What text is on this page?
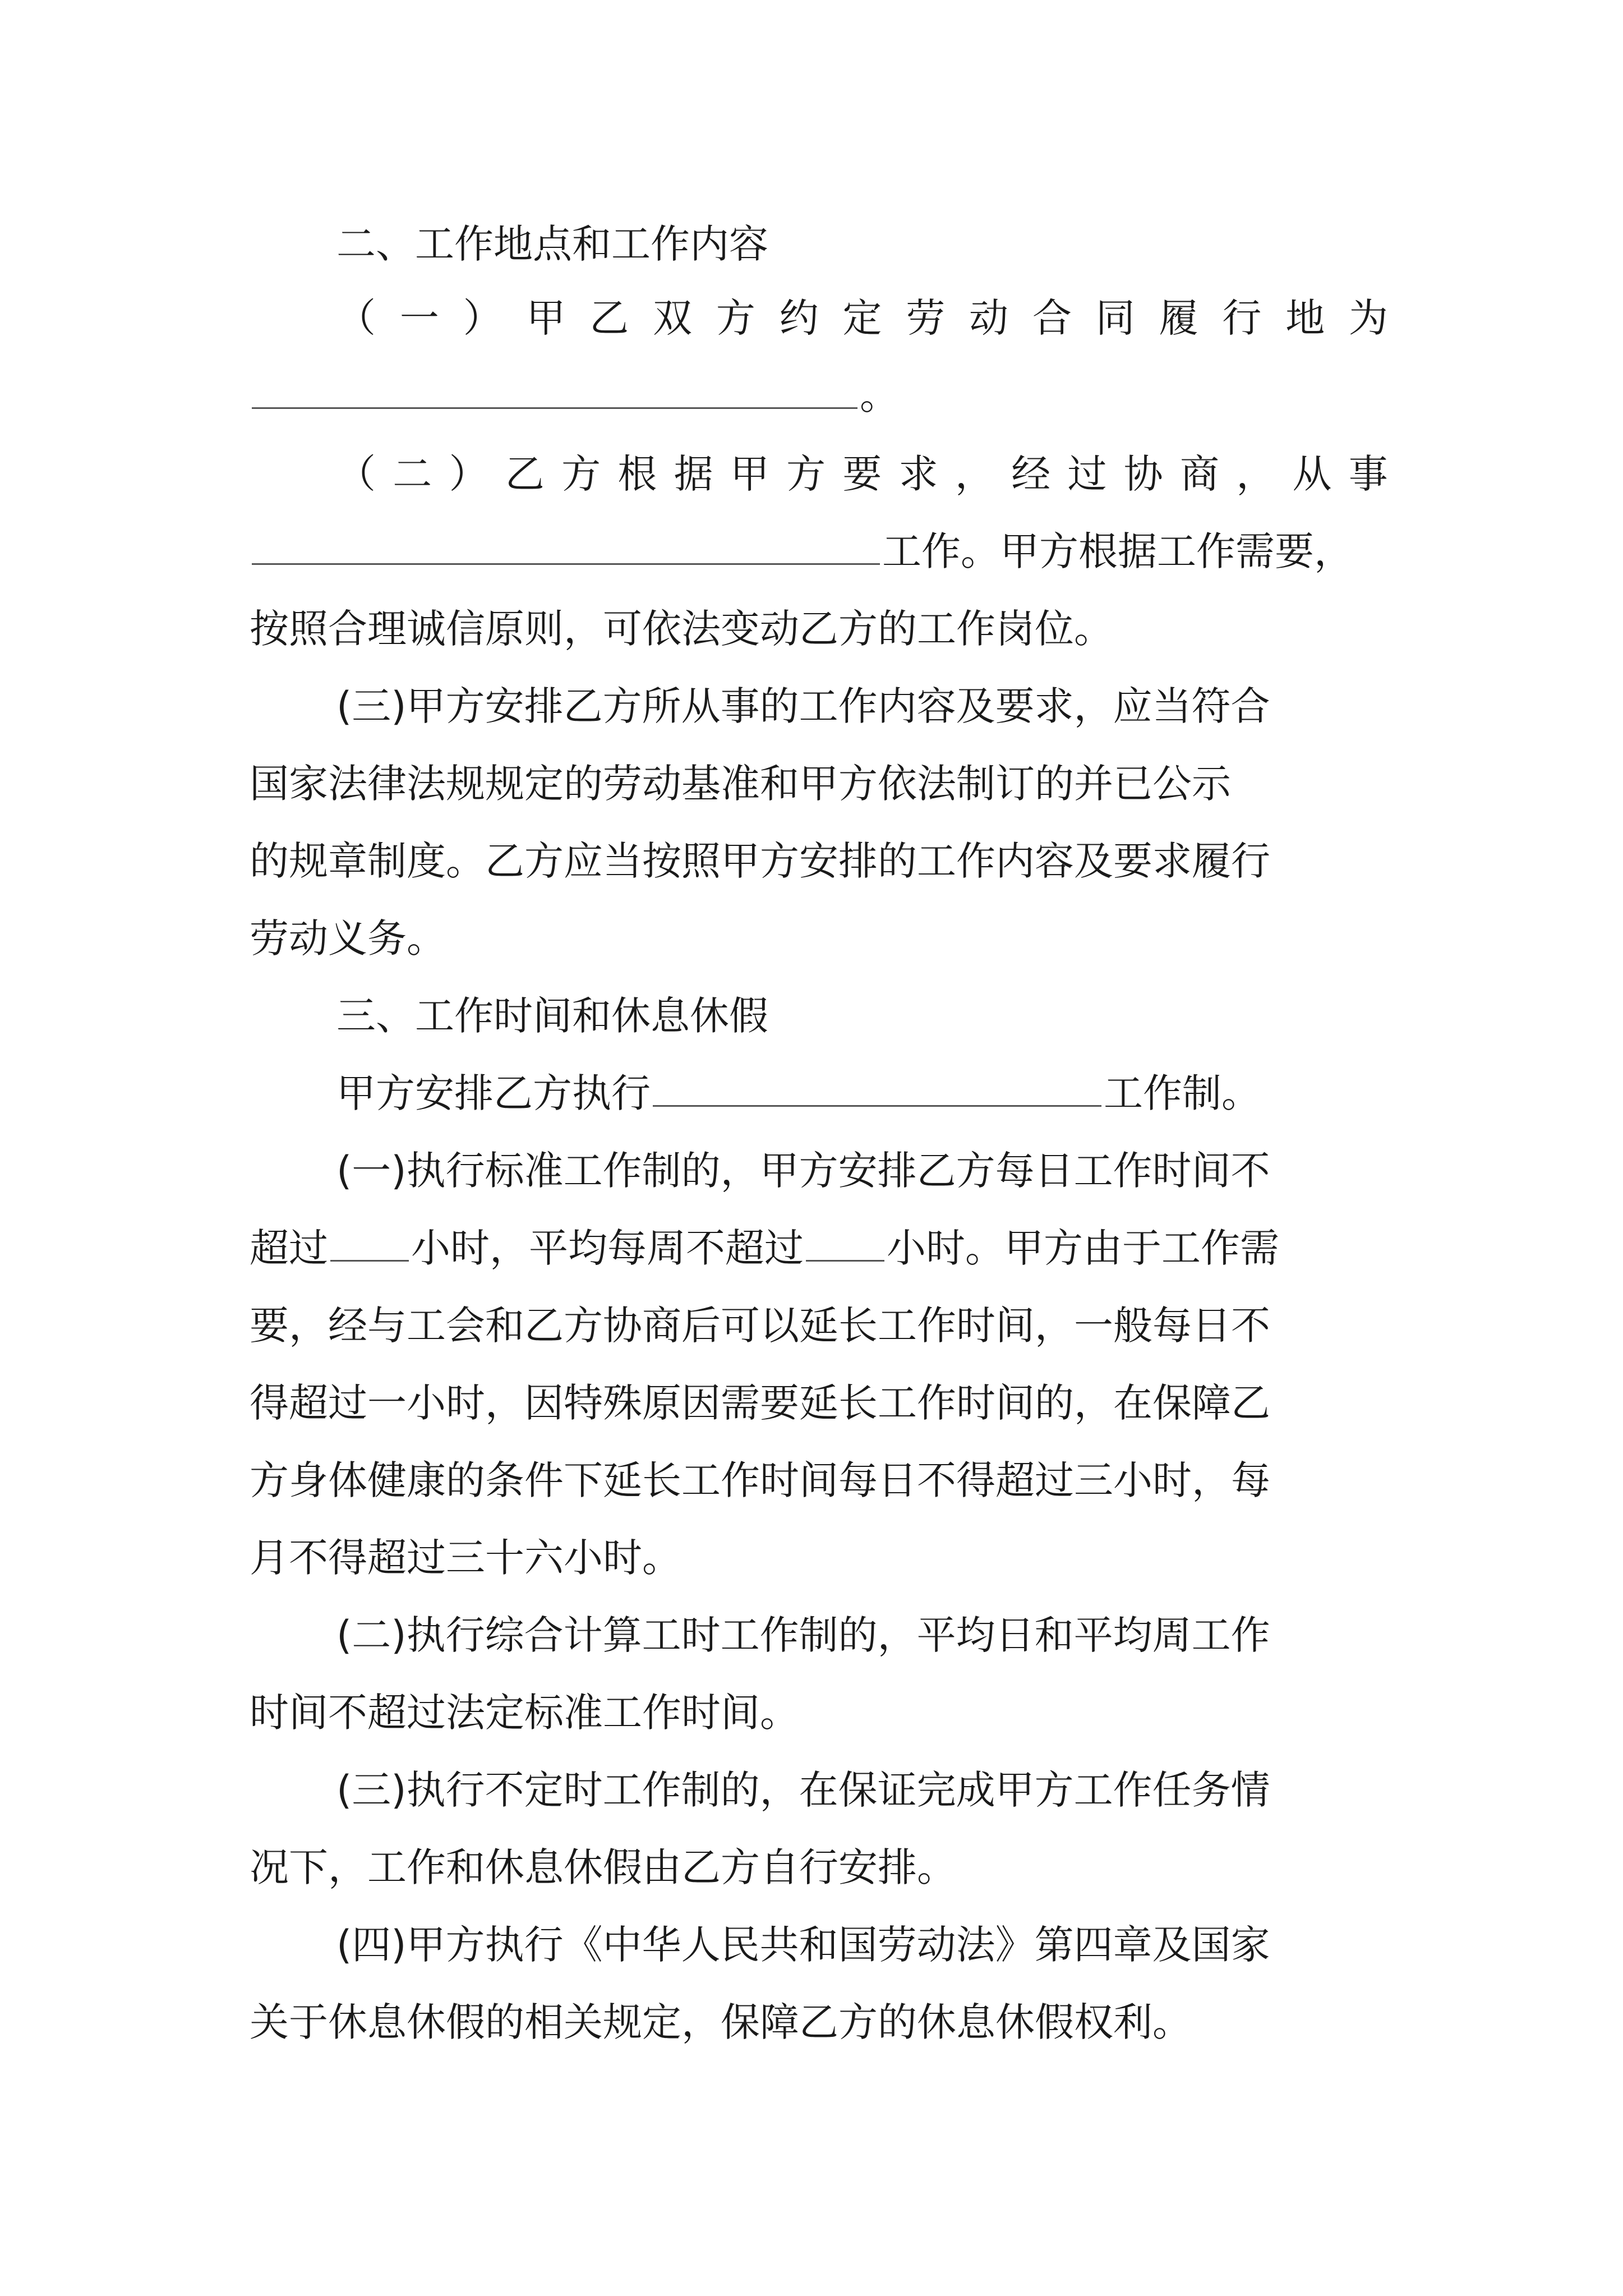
二、工作地点和工作内容
（ 一 ） 甲 乙 双 方 约 定 劳 动 合 同 履 行 地 为
。
（ 二 ） 乙 方 根 据 甲 方 要 求 ， 经 过 协 商 ， 从 事
工作。甲方根据工作需要，
按照合理诚信原则，可依法变动乙方的工作岗位。
(三)甲方安排乙方所从事的工作内容及要求，应当符合
国家法律法规规定的劳动基准和甲方依法制订的并已公示
的规章制度。乙方应当按照甲方安排的工作内容及要求履行
劳动义务。
三、工作时间和休息休假
甲方安排乙方执行	工作制。
(一)执行标准工作制的，甲方安排乙方每日工作时间不
超过 小时，平均每周不超过 小时。甲方由于工作需
要，经与工会和乙方协商后可以延长工作时间，一般每日不
得超过一小时，因特殊原因需要延长工作时间的，在保障乙
方身体健康的条件下延长工作时间每日不得超过三小时，每
月不得超过三十六小时。
(二)执行综合计算工时工作制的，平均日和平均周工作
时间不超过法定标准工作时间。
(三)执行不定时工作制的，在保证完成甲方工作任务情
况下，工作和休息休假由乙方自行安排。
(四)甲方执行《中华人民共和国劳动法》第四章及国家
关于休息休假的相关规定，保障乙方的休息休假权利。
